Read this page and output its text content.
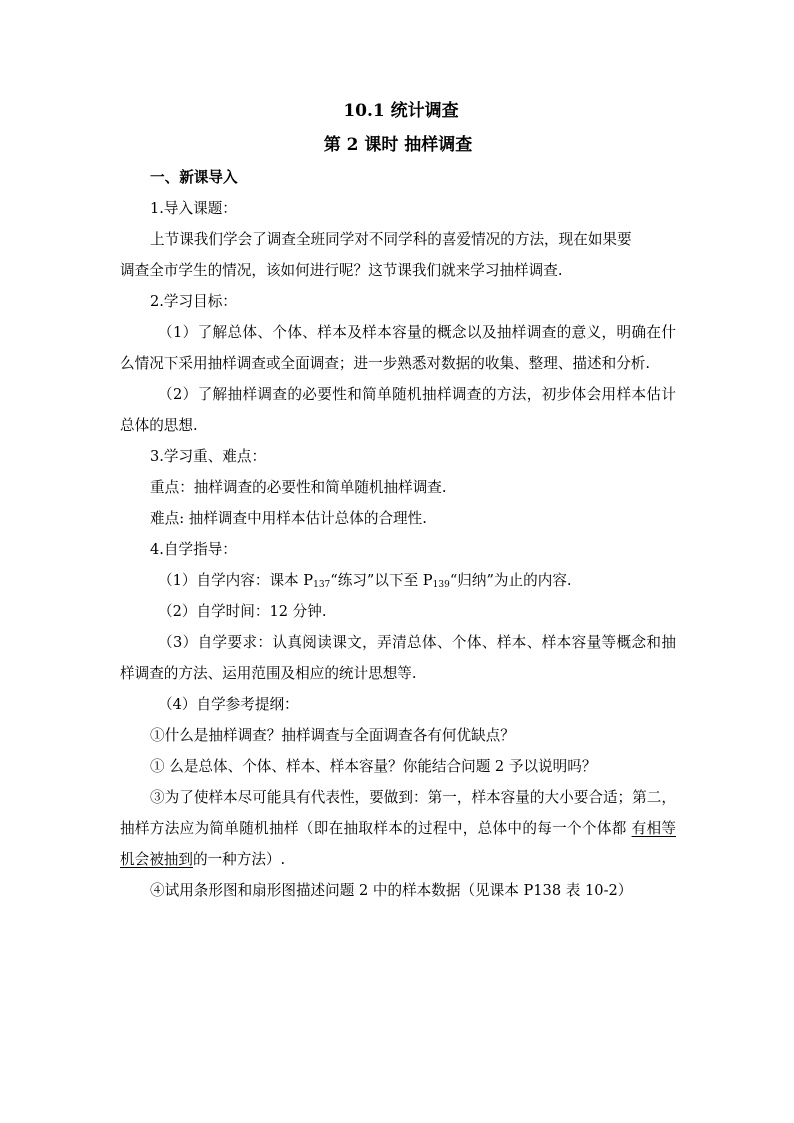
10.1 统计调查
第 2 课时 抽样调查

一、新课导入

1.导入课题：

上节课我们学会了调查全班同学对不同学科的喜爱情况的方法，现在如果要

调查全市学生的情况，该如何进行呢？这节课我们就来学习抽样调查.

2.学习目标：

（1）了解总体、个体、样本及样本容量的概念以及抽样调查的意义，明确在什么情况下采用抽样调查或全面调查；进一步熟悉对数据的收集、整理、描述和分析.

（2）了解抽样调查的必要性和简单随机抽样调查的方法，初步体会用样本估计总体的思想.

3.学习重、难点：

重点：抽样调查的必要性和简单随机抽样调查.

难点: 抽样调查中用样本估计总体的合理性.

4.自学指导：

（1）自学内容：课本 $P_{137}“$练习”以下至 $P_{139}“$归纳”为止的内容.

（2）自学时间：12 分钟.

（3）自学要求：认真阅读课文，弄清总体、个体、样本、样本容量等概念和抽样调查的方法、运用范围及相应的统计思想等.

（4）自学参考提纲：

①什么是抽样调查？抽样调查与全面调查各有何优缺点？

① 么是总体、个体、样本、样本容量？你能结合问题 2 予以说明吗？

③为了使样本尽可能具有代表性，要做到：第一，样本容量的大小要合适；第二，抽样方法应为简单随机抽样（即在抽取样本的过程中，总体中的每一个个体都 有相等机会被抽到的一种方法）.

④试用条形图和扇形图描述问题 2 中的样本数据（见课本 P138 表 10-2）
